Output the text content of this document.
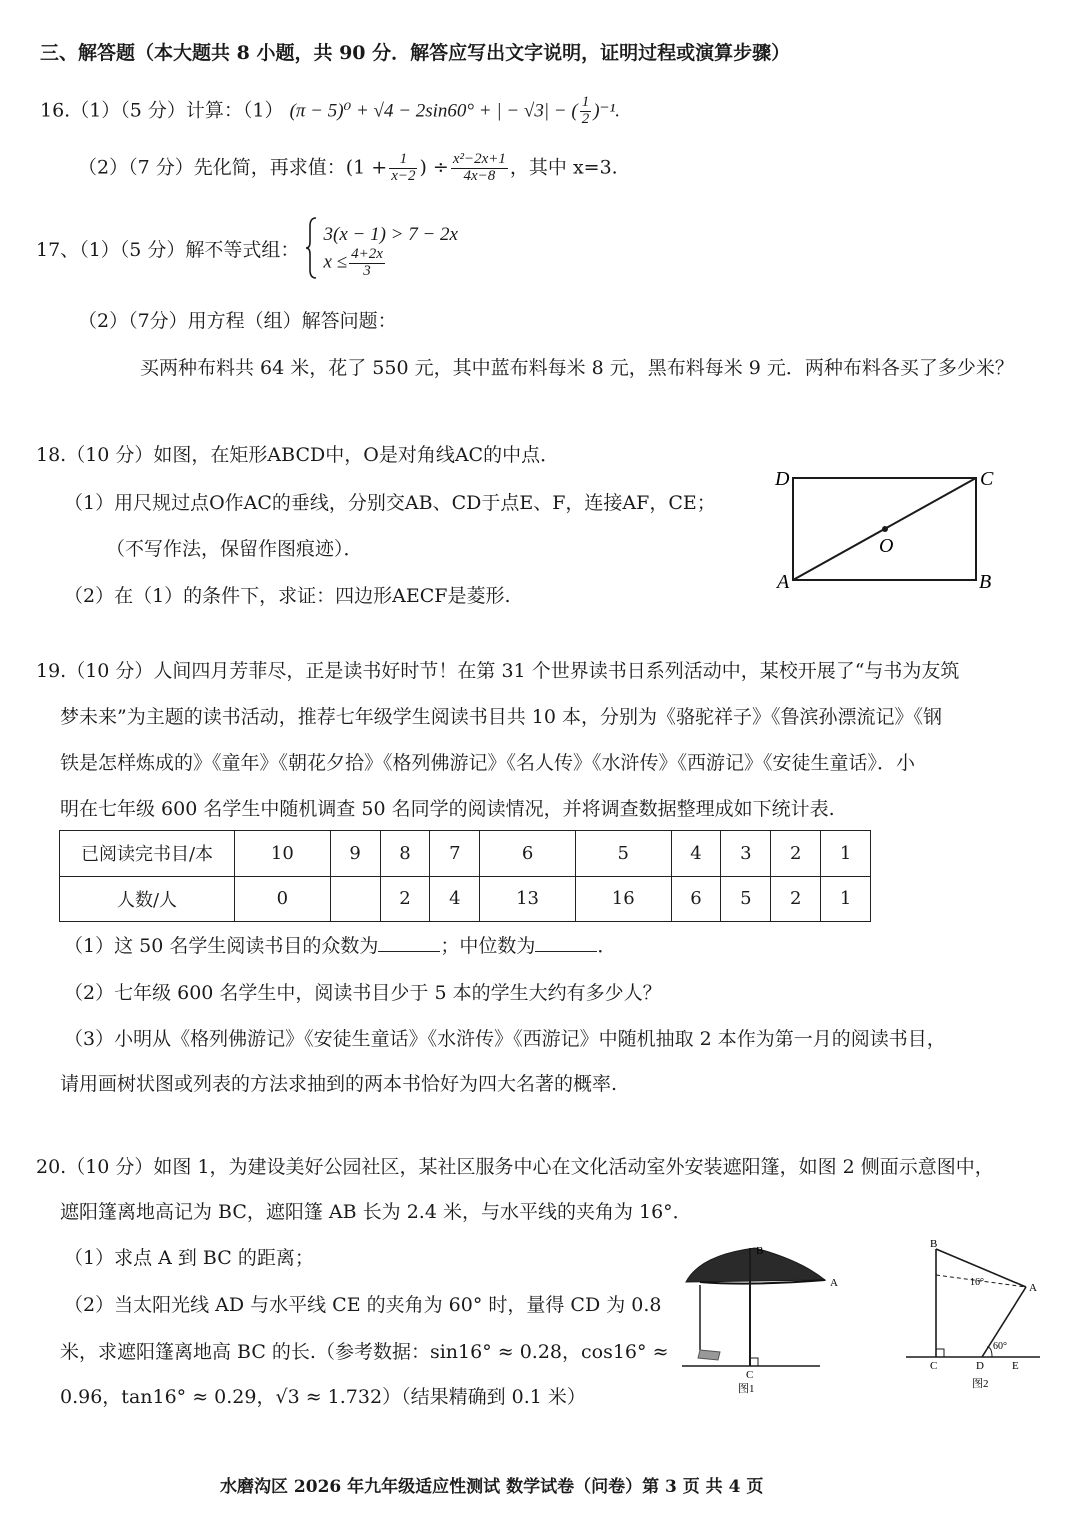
三、解答题（本大题共 8 小题，共 90 分．解答应写出文字说明，证明过程或演算步骤）
16.（1）（5 分）计算：（1） (π − 5)⁰ + √4 − 2sin60° + | − √3| − ( $\frac{1}{2} )^{-1}$.
（2）（7 分）先化简，再求值：($1 + \frac{1}{x-2}$ ) ÷ $\frac{\text{x²−2x+1}}{4x-8}$ ，其中 x=3.
17、（1）（5 分）解不等式组：
3(x − 1) > 7 − 2x
$x \le \frac{4+2x}{3}$
（2）（7分）用方程（组）解答问题：
买两种布料共 64 米，花了 550 元，其中蓝布料每米 8 元，黑布料每米 9 元．两种布料各买了多少米？
18.（10 分）如图，在矩形ABCD中，O是对角线AC的中点．
（1）用尺规过点O作AC的垂线，分别交AB、CD于点E、F，连接AF，CE；
（不写作法，保留作图痕迹）．
（2）在（1）的条件下，求证：四边形AECF是菱形.
D	C
A	B
O
19.（10 分）人间四月芳菲尽，正是读书好时节！在第 31 个世界读书日系列活动中，某校开展了“与书为友筑
梦未来”为主题的读书活动，推荐七年级学生阅读书目共 10 本，分别为《骆驼祥子》《鲁滨孙漂流记》《钢
铁是怎样炼成的》《童年》《朝花夕拾》《格列佛游记》《名人传》《水浒传》《西游记》《安徒生童话》．小
明在七年级 600 名学生中随机调查 50 名同学的阅读情况，并将调查数据整理成如下统计表.
已阅读完书目/本	10	9	8	7	6	5	4	3	2	1
人数/人	0		2	4	13	16	6	5	2	1
（1）这 50 名学生阅读书目的众数为	；中位数为	．
（2）七年级 600 名学生中，阅读书目少于 5 本的学生大约有多少人？
（3）小明从《格列佛游记》《安徒生童话》《水浒传》《西游记》中随机抽取 2 本作为第一月的阅读书目，
请用画树状图或列表的方法求抽到的两本书恰好为四大名著的概率.
20.（10 分）如图 1，为建设美好公园社区，某社区服务中心在文化活动室外安装遮阳篷，如图 2 侧面示意图中，
遮阳篷离地高记为 BC，遮阳篷 AB 长为 2.4 米，与水平线的夹角为 16°．
（1）求点 A 到 BC 的距离；
（2）当太阳光线 AD 与水平线 CE 的夹角为 60° 时，量得 CD 为 0.8
米，求遮阳篷离地高 BC 的长.（参考数据：sin16° ≈ 0.28，cos16° ≈
0.96，tan16° ≈ 0.29，√3 ≈ 1.732）（结果精确到 0.1 米）
B
A
C
图1
B
A
C	D	E
16°
60°
图2
水磨沟区 2026 年九年级适应性测试 数学试卷（问卷）第 3 页 共 4 页
